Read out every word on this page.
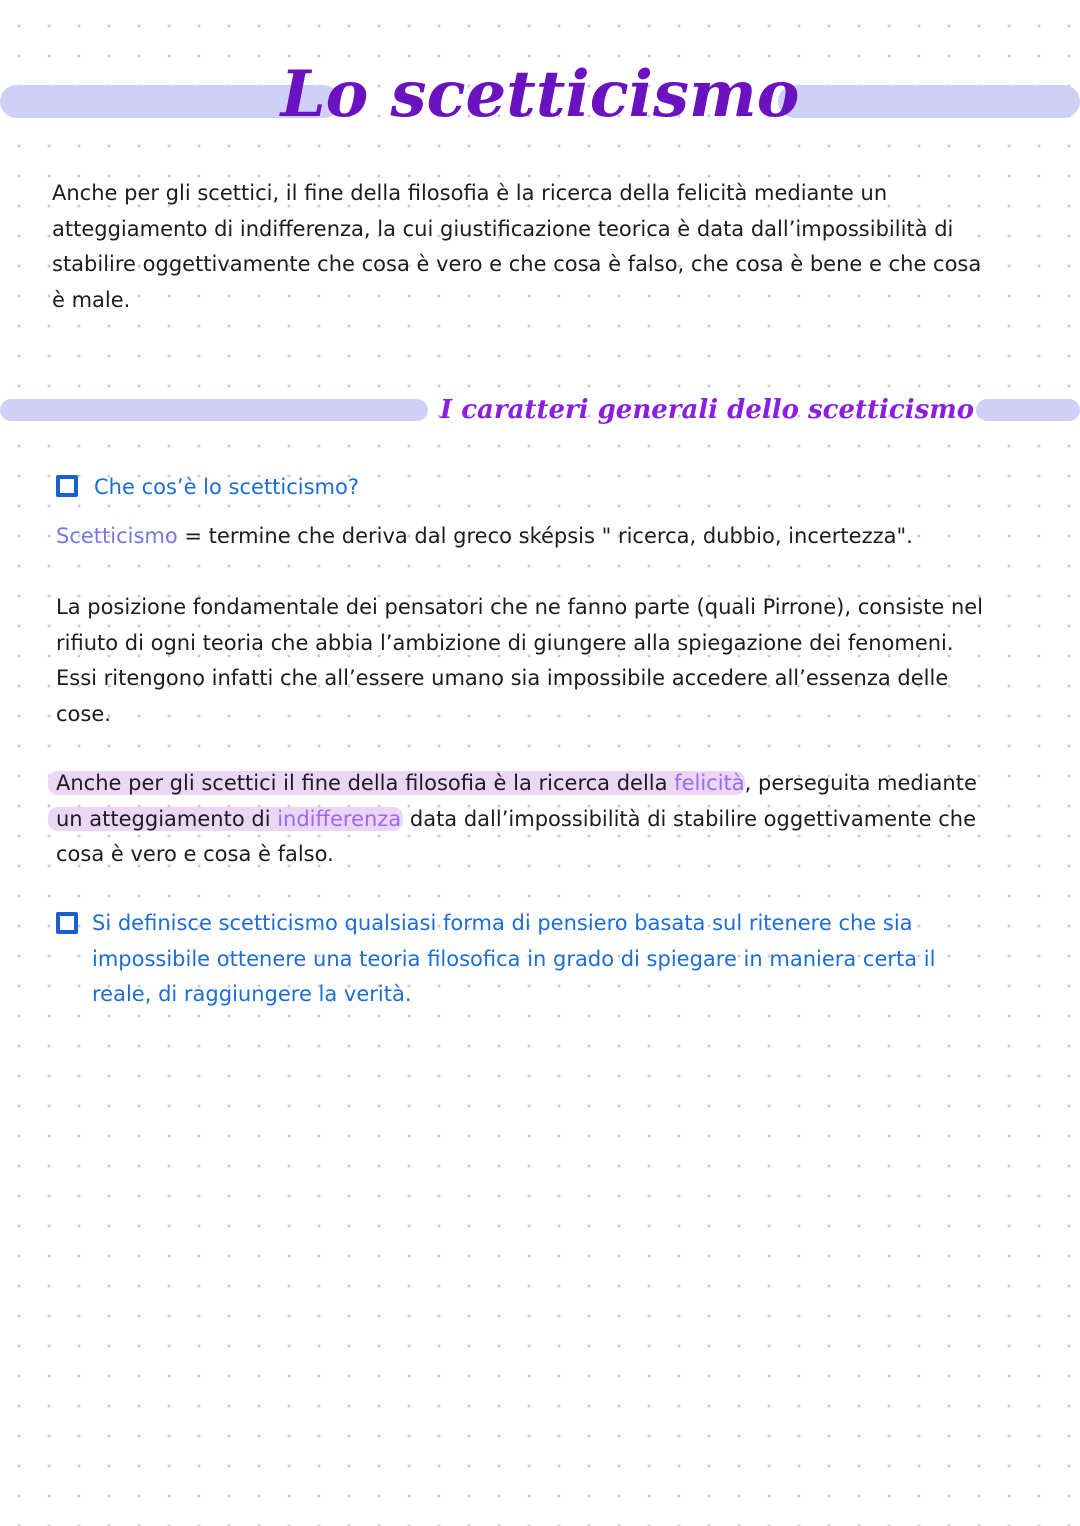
Lo scetticismo

Anche per gli scettici, il fine della filosofia è la ricerca della felicità mediante un
atteggiamento di indifferenza, la cui giustificazione teorica è data dall’impossibilità di
stabilire oggettivamente che cosa è vero e che cosa è falso, che cosa è bene e che cosa
è male.

I caratteri generali dello scetticismo
Che cos’è lo scetticismo?
Scetticismo = termine che deriva dal greco sképsis " ricerca, dubbio, incertezza".

La posizione fondamentale dei pensatori che ne fanno parte (quali Pirrone), consiste nel
rifiuto di ogni teoria che abbia l’ambizione di giungere alla spiegazione dei fenomeni.
Essi ritengono infatti che all’essere umano sia impossibile accedere all’essenza delle
cose.

Anche per gli scettici il fine della filosofia è la ricerca della felicità, perseguita mediante
un atteggiamento di indifferenza data dall’impossibilità di stabilire oggettivamente che
cosa è vero e cosa è falso.

Si definisce scetticismo qualsiasi forma di pensiero basata sul ritenere che sia
impossibile ottenere una teoria filosofica in grado di spiegare in maniera certa il
reale, di raggiungere la verità.
